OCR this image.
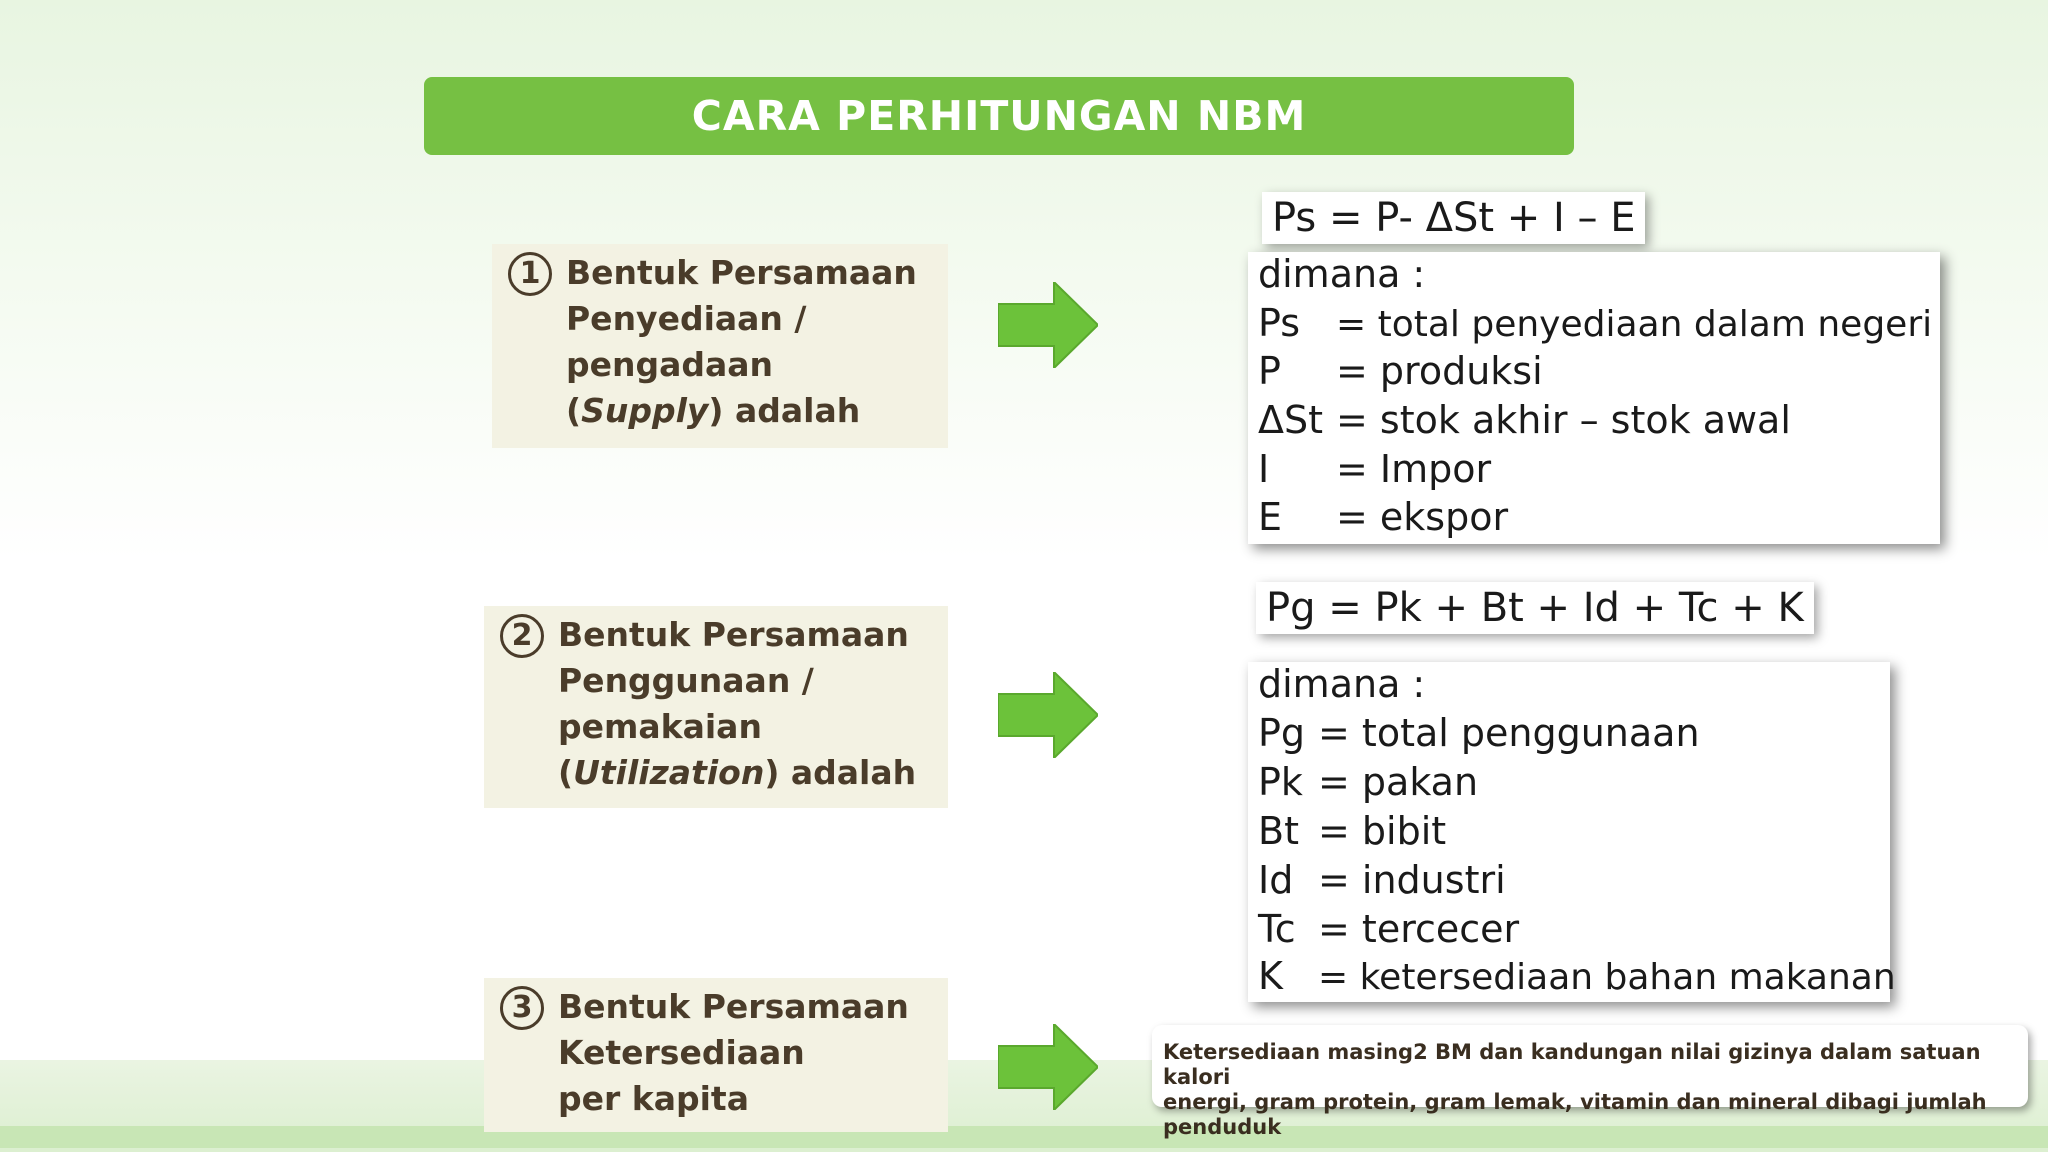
CARA PERHITUNGAN NBM
1 Bentuk Persamaan
Penyediaan /
pengadaan
(Supply) adalah
2 Bentuk Persamaan
Penggunaan /
pemakaian
(Utilization) adalah
3 Bentuk Persamaan
Ketersediaan
per kapita
Ps = P- ΔSt + I – E
dimana :
Ps = total penyediaan dalam negeri
P = produksi
ΔSt = stok akhir – stok awal
I = Impor
E = ekspor
Pg = Pk + Bt + Id + Tc + K
dimana :
Pg = total penggunaan
Pk = pakan
Bt = bibit
Id = industri
Tc = tercecer
K = ketersediaan bahan makanan
Ketersediaan masing2 BM dan kandungan nilai gizinya dalam satuan kalori
energi, gram protein, gram lemak, vitamin dan mineral dibagi jumlah penduduk
